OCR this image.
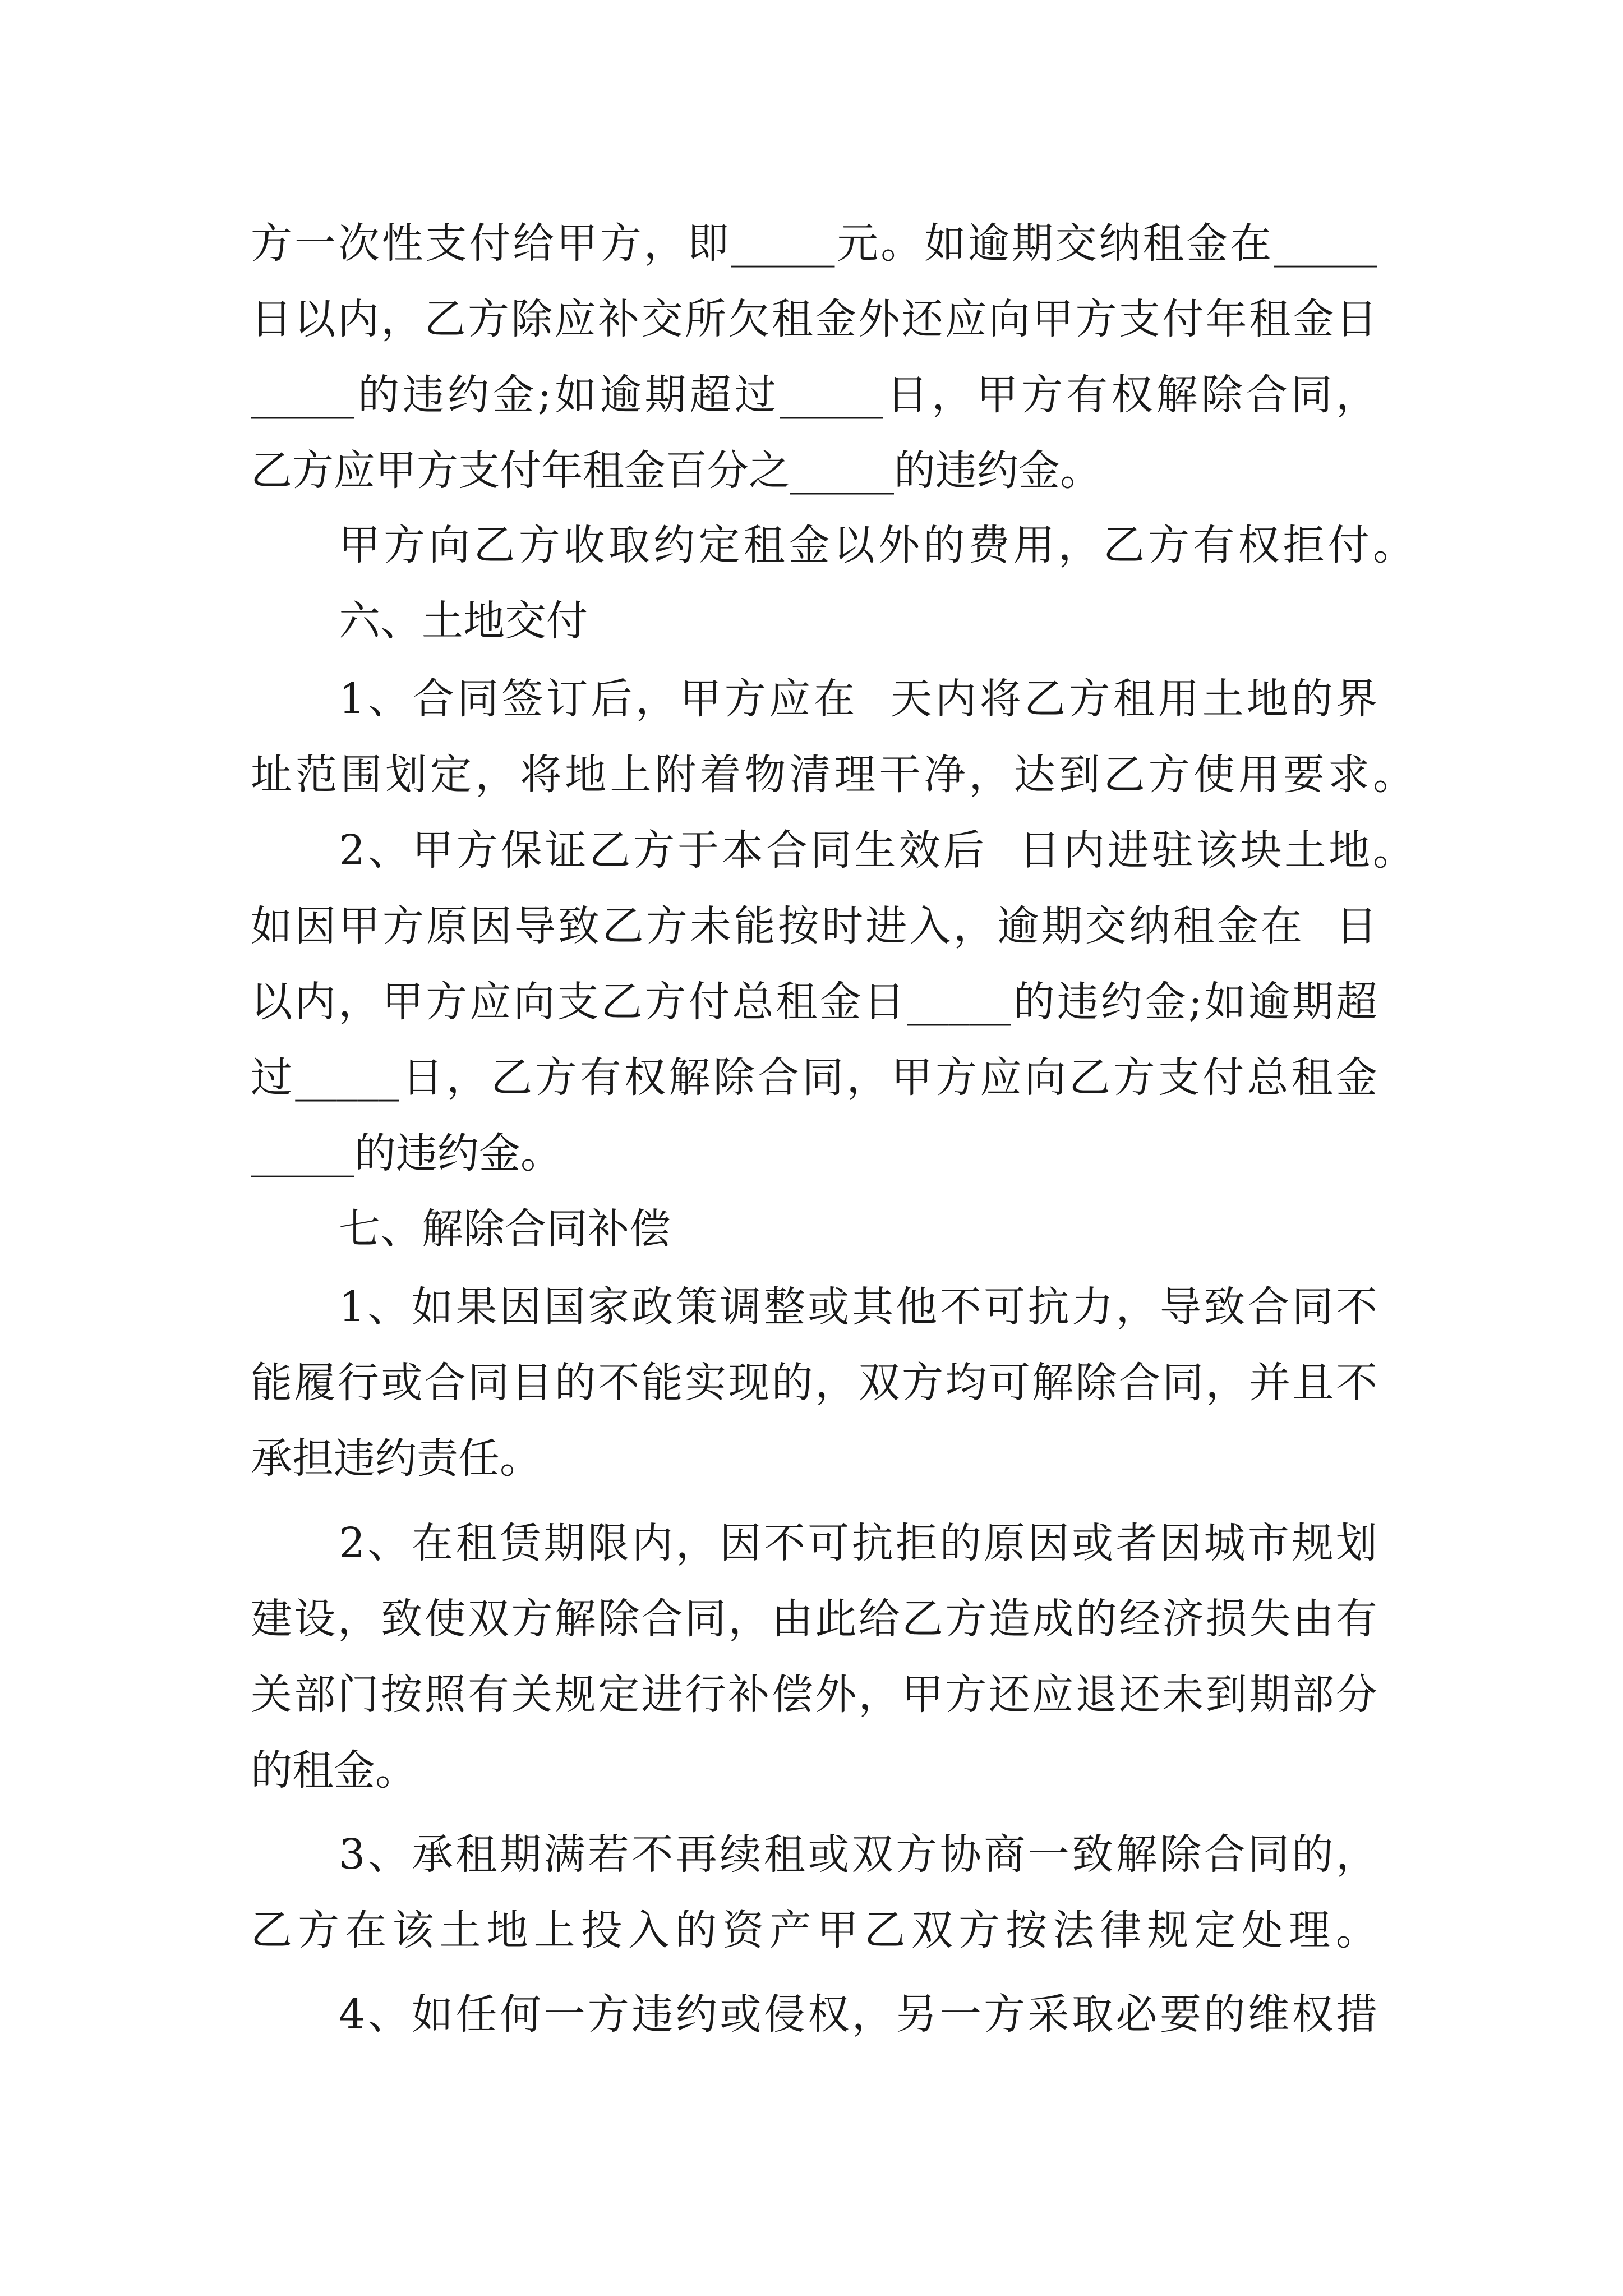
方一次性支付给甲方，即_____元。如逾期交纳租金在_____
日以内，乙方除应补交所欠租金外还应向甲方支付年租金日
_____的违约金;如逾期超过_____日，甲方有权解除合同，
乙方应甲方支付年租金百分之_____的违约金。
甲方向乙方收取约定租金以外的费用，乙方有权拒付。
六、土地交付
1、合同签订后，甲方应在  天内将乙方租用土地的界
址范围划定，将地上附着物清理干净，达到乙方使用要求。
2、甲方保证乙方于本合同生效后  日内进驻该块土地。
如因甲方原因导致乙方未能按时进入，逾期交纳租金在  日
以内，甲方应向支乙方付总租金日_____的违约金;如逾期超
过_____日，乙方有权解除合同，甲方应向乙方支付总租金
_____的违约金。
七、解除合同补偿
1、如果因国家政策调整或其他不可抗力，导致合同不
能履行或合同目的不能实现的，双方均可解除合同，并且不
承担违约责任。
2、在租赁期限内，因不可抗拒的原因或者因城市规划
建设，致使双方解除合同，由此给乙方造成的经济损失由有
关部门按照有关规定进行补偿外，甲方还应退还未到期部分
的租金。
3、承租期满若不再续租或双方协商一致解除合同的，
乙方在该土地上投入的资产甲乙双方按法律规定处理。
4、如任何一方违约或侵权，另一方采取必要的维权措
